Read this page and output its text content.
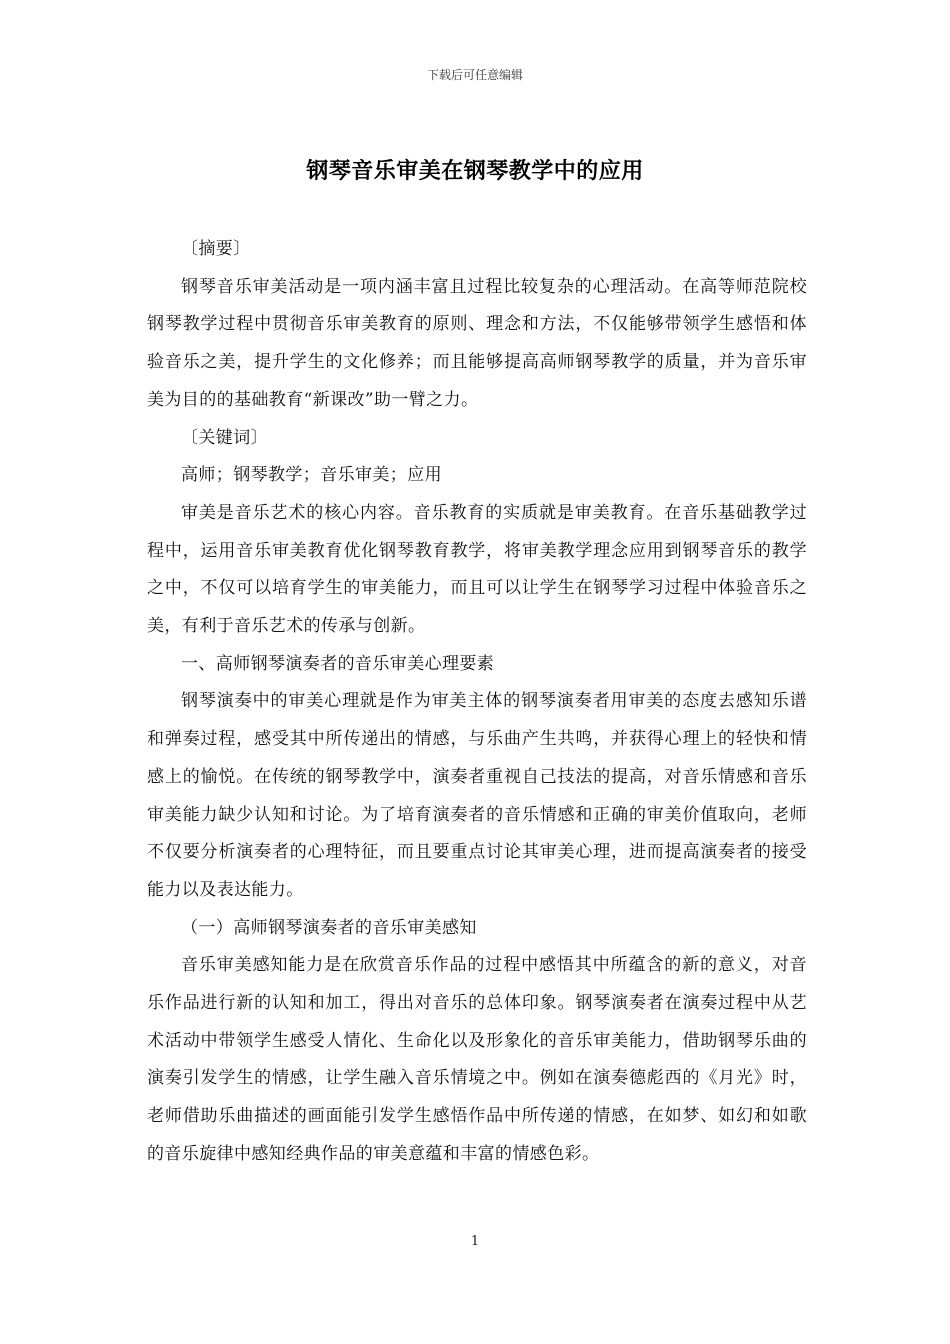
下载后可任意编辑
钢琴音乐审美在钢琴教学中的应用

〔摘要〕

钢琴音乐审美活动是一项内涵丰富且过程比较复杂的心理活动。在高等师范院校钢琴教学过程中贯彻音乐审美教育的原则、理念和方法，不仅能够带领学生感悟和体验音乐之美，提升学生的文化修养；而且能够提高高师钢琴教学的质量，并为音乐审美为目的的基础教育“新课改”助一臂之力。

〔关键词〕

高师；钢琴教学；音乐审美；应用

审美是音乐艺术的核心内容。音乐教育的实质就是审美教育。在音乐基础教学过程中，运用音乐审美教育优化钢琴教育教学，将审美教学理念应用到钢琴音乐的教学之中，不仅可以培育学生的审美能力，而且可以让学生在钢琴学习过程中体验音乐之美，有利于音乐艺术的传承与创新。

一、高师钢琴演奏者的音乐审美心理要素

钢琴演奏中的审美心理就是作为审美主体的钢琴演奏者用审美的态度去感知乐谱和弹奏过程，感受其中所传递出的情感，与乐曲产生共鸣，并获得心理上的轻快和情感上的愉悦。在传统的钢琴教学中，演奏者重视自己技法的提高，对音乐情感和音乐审美能力缺少认知和讨论。为了培育演奏者的音乐情感和正确的审美价值取向，老师不仅要分析演奏者的心理特征，而且要重点讨论其审美心理，进而提高演奏者的接受能力以及表达能力。

（一）高师钢琴演奏者的音乐审美感知

音乐审美感知能力是在欣赏音乐作品的过程中感悟其中所蕴含的新的意义，对音乐作品进行新的认知和加工，得出对音乐的总体印象。钢琴演奏者在演奏过程中从艺术活动中带领学生感受人情化、生命化以及形象化的音乐审美能力，借助钢琴乐曲的演奏引发学生的情感，让学生融入音乐情境之中。例如在演奏德彪西的《月光》时，老师借助乐曲描述的画面能引发学生感悟作品中所传递的情感，在如梦、如幻和如歌的音乐旋律中感知经典作品的审美意蕴和丰富的情感色彩。

1
